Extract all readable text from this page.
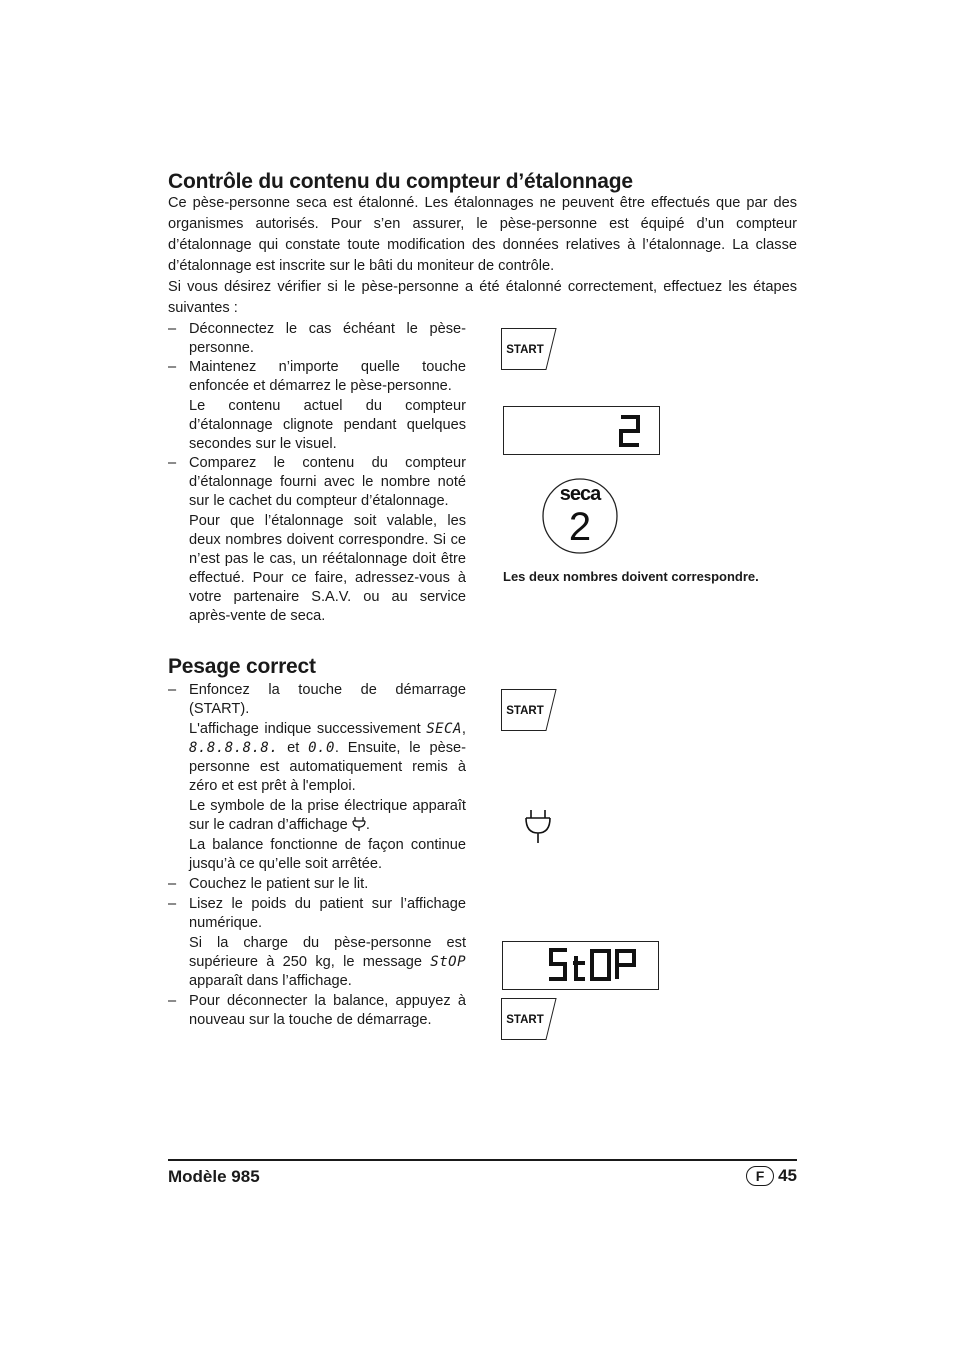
Contrôle du contenu du compteur d’étalonnage

Ce pèse-personne seca est étalonné. Les étalonnages ne peuvent être effectués que par des organismes autorisés. Pour s’en assurer, le pèse-personne est équipé d’un compteur d’étalonnage qui constate toute modification des données relatives à l’étalonnage. La classe d’étalonnage est inscrite sur le bâti du moniteur de contrôle.

Si vous désirez vérifier si le pèse-personne a été étalonné correctement, effectuez les étapes suivantes :

– Déconnectez le cas échéant le pèse-personne.

– Maintenez n’importe quelle touche enfoncée et démarrez le pèse-personne.

Le contenu actuel du compteur d’étalonnage clignote pendant quelques secondes sur le visuel.

– Comparez le contenu du compteur d’étalonnage fourni avec le nombre noté sur le cachet du compteur d’étalonnage.

Pour que l’étalonnage soit valable, les deux nombres doivent correspondre. Si ce n’est pas le cas, un réétalonnage doit être effectué. Pour ce faire, adressez-vous à votre partenaire S.A.V. ou au service après-vente de seca.

START
seca
2
Les deux nombres doivent correspondre.
Pesage correct

– Enfoncez la touche de démarrage (START).

L'affichage indique successivement SECA, 8.8.8.8.8. et 0.0. Ensuite, le pèse-personne est automatiquement remis à zéro et est prêt à l'emploi.

Le symbole de la prise électrique apparaît sur le cadran d’affichage .

La balance fonctionne de façon continue jusqu’à ce qu’elle soit arrêtée.

– Couchez le patient sur le lit.

– Lisez le poids du patient sur l’affichage numérique.

Si la charge du pèse-personne est supérieure à 250 kg, le message StOP apparaît dans l’affichage.

– Pour déconnecter la balance, appuyez à nouveau sur la touche de démarrage.

START
START
Modèle 985	F 45
